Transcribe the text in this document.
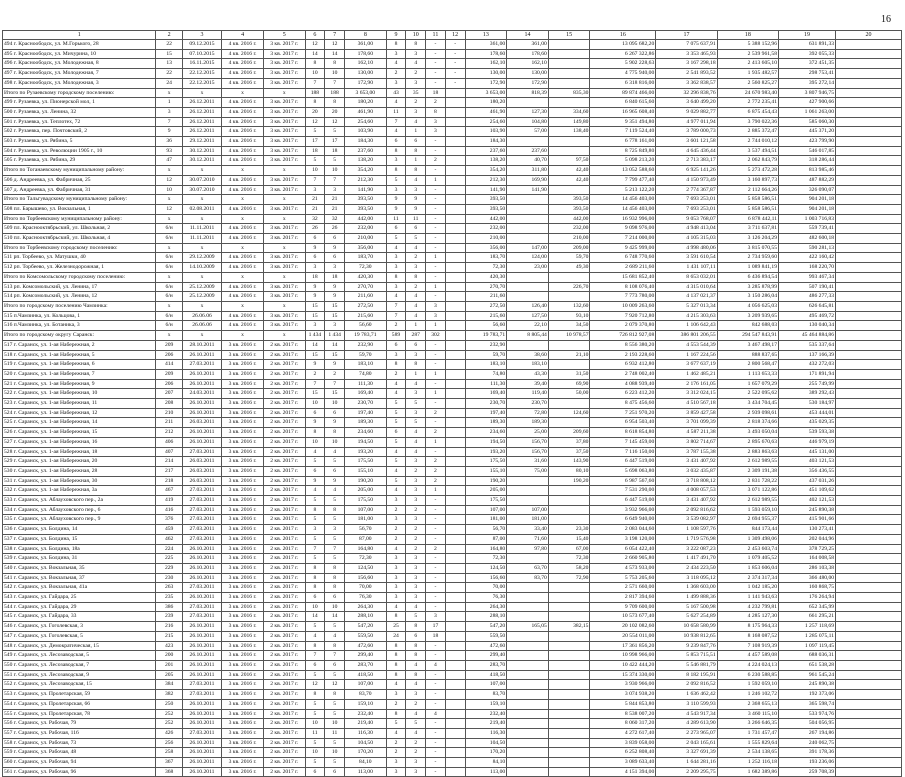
16
1	2	3	4	5	6	7	8	9	10	11	12	13	14	15	16	17	18	19	20
494 г. Красноободск, ул. М.Горького, 28	22	09.12.2015	4 кв. 2016 г.	3 кв. 2017 г.	12	12	361,00	8	8	-	-	361,00	361,00		13 095 682,20	7 075 637,91	5 388 152,96	631 891,33	
495 г. Красноободск, ул. Мичурина, 10	15	07.10.2015	4 кв. 2016 г.	3 кв. 2017 г.	14	14	178,60	3	3	-	-	178,60	178,60		6 267 322,86	3 353 465,93	2 539 961,58	392 055,33	
496 г. Красноободск, ул. Молодежная, 8	13	16.11.2015	4 кв. 2016 г.	3 кв. 2017 г.	8	8	162,10	4	4	-	-	162,10	162,10		5 902 228,63	3 167 298,18	2 413 605,10	372 451,35	
497 г. Красноободск, ул. Молодежная, 7	22	22.12.2015	4 кв. 2016 г.	3 кв. 2017 г.	10	10	130,00	2	2	-	-	130,00	130,00		4 775 940,00	2 541 893,52	1 935 482,57	298 753,41	
498 г. Красноободск, ул. Молодежная, 3	24	22.12.2015	4 кв. 2016 г.	3 кв. 2017 г.	7	7	172,90	3	3	-	-	172,90	172,90		6 318 816,00	3 362 838,57	2 560 825,27	395 272,14	
Итого по Рузаевскому городскому поселению:	x	x	x	x	188	188	3 653,00	43	35	18		3 653,00	818,39	835,30	89 874 466,00	32 296 838,76	24 670 983,40	3 807 946,75	
499 г. Рузаевка, ул. Пионерской мол, 1	1	26.12.2011	4 кв. 2016 г.	3 кв. 2017 г.	8	8	180,20	4	2	2		180,20			6 840 615,60	3 640 499,20	2 772 235,41	427 900,66	
500 г. Рузаевка, ул. Ленина, 32	3	26.12.2011	4 кв. 2016 г.	3 кв. 2017 г.	20	20	461,90	11	3	8		461,90	127,30	334,60	16 965 608,40	9 029 882,77	6 875 454,43	1 061 263,00	
501 г. Рузаевка, ул. Теплотех, 72	7	26.12.2011	4 кв. 2016 г.	3 кв. 2017 г.	12	12	254,60	7	4	3		254,60	104,80	149,80	9 351 494,80	4 977 011,94	3 790 022,36	585 060,30	
502 г. Рузаевка, пер. Почтовский, 2	9	26.12.2011	4 кв. 2016 г.	3 кв. 2017 г.	5	5	103,90	4	1	3		103,90	57,00	138,40	7 119 524,40	3 789 000,73	2 885 372,47	445 371,20	
503 г. Рузаевка, ул. Рябина, 5	36	29.12.2011	4 кв. 2016 г.	3 кв. 2017 г.	17	17	184,30	6	6	-		184,30			6 778 161,00	3 601 121,58	2 744 010,12	423 799,90	
504 г. Рузаевка, ул. Революции 1905 г., 10	93	30.12.2011	4 кв. 2016 г.	3 кв. 2017 г.	18	18	237,60	8	8	-		237,60	237,60		8 725 849,80	4 645 436,44	3 537 494,51	546 017,85	
505 г. Рузаевка, ул. Рябина, 29	47	30.12.2011	4 кв. 2016 г.	3 кв. 2017 г.	5	5	138,20	3	1	2		138,20	40,70	97,50	5 098 213,20	2 713 383,17	2 062 843,79	318 286,44	
Итого по Тоганаевскому муниципальному району:	x	x	x	x	10	10	354,20	8	8	-		354,20	311,80	42,40	13 052 588,60	6 925 141,26	5 273 472,28	813 985,46	
506 д. Андреевка, ул. Фабричная, 25	12	30.07.2010	4 кв. 2016 г.	3 кв. 2017 г.	7	7	212,30	5	4	1		212,30	169,90	42,40	7 799 477,40	4 150 973,49	3 160 897,73	487 882,29	
507 д. Андреевка, ул. Фабричная, 31	10	30.07.2010	4 кв. 2016 г.	3 кв. 2017 г.	3	3	141,90	3	3	-		141,90	141,90		5 213 122,20	2 774 367,87	2 112 664,26	326 090,07	
Итого по Тальгувадскому муниципальному району:	x	x	x	x	21	21	393,50	9	9	-		393,50		393,50	14 456 403,00	7 693 253,01	5 858 586,51	904 201,18	
508 пл. Барышево, ул. Вокзальная, 1	12	02.08.2011	4 кв. 2016 г.	3 кв. 2017 г.	21	21	393,50	9	9	-		393,50		393,50	14 456 403,00	7 693 253,01	5 858 586,51	904 201,18	
Итого по Торбеевскому муниципальному району:	x	x	x	x	32	32	442,00	11	11	-		442,00		442,00	16 932 996,00	9 053 768,07	6 878 442,11	1 003 716,83	
509 пл. Краснооктябрьский, ул. Школьная, 2	6/н	11.11.2011	4 кв. 2016 г.	3 кв. 2017 г.	26	26	232,00	6	6	-		232,00		232,00	9 098 976,00	4 948 413,04	3 711 637,81	559 739,41	
510 пл. Краснооктябрьский, ул. Школьная, 4	6/н	11.11.2011	4 кв. 2016 г.	3 кв. 2017 г.	6	6	210,00	5	5	-		210,00		210,00	7 214 000,00	4 105 315,03	3 126 204,29	482 600,18	
Итого по Торбеевскому городскому поселению:	x	x	x	x	9	9	356,00	4	4	-		356,00	147,00	209,00	9 425 999,00	4 998 480,06	3 815 070,55	590 281,13	
511 рп. Торбеево, ул. Матушки, 40	6/н	29.12.2009	4 кв. 2016 г.	3 кв. 2017 г.	6	6	183,70	3	2	1		183,70	124,00	59,70	6 748 770,60	3 591 610,54	2 734 959,60	422 160,42	
512 рп. Торбеево, ул. Железнодорожная, 1	6/н	14.10.2009	4 кв. 2016 г.	3 кв. 2017 г.	3	3	72,30	3	3	-		72,30	23,00	49,30	2 689 211,60	1 431 107,11	1 089 841,19	168 220,70	
Итого по Комсомольскому городскому поселению:	x	x	x	x	18	18	420,30	8	8	-		420,30			15 681 852,40	8 653 032,01	6 436 894,54	993 467,34	
513 рп. Комсомольский, ул. Ленина, 17	6/н	25.12.2009	4 кв. 2016 г.	3 кв. 2017 г.	9	9	270,70	3	2	1		270,70		226,70	8 108 076,40	4 315 010,64	3 285 878,99	507 190,41	
514 рп. Комсомольский, ул. Ленина, 12	6/н	25.12.2009	4 кв. 2016 г.	3 кв. 2017 г.	9	9	211,60	4	4	-		211,60			7 773 780,00	4 137 021,37	3 150 286,04	486 277,33	
Итого по городскому поселению Чамзинка:	x	x	x	x	15	15	272,50	7	4	3		272,50	126,40	132,60	10 009 263,60	5 327 013,34	4 056 625,03	626 645,81	
515 п.Чамзинка, ул. Кольцова, 1	6/н	26.06.06	4 кв. 2016 г.	3 кв. 2017 г.	15	15	215,60	7	4	3		215,60	127,50	93,10	7 920 712,80	4 215 303,63	3 209 939,65	495 469,72	
516 п.Чамзинка, ул. Ботаника, 3	6/н	26.06.06	4 кв. 2016 г.	3 кв. 2017 г.	3	3	56,60	2	1	1		56,60	22,10	34,50	2 079 370,80	1 106 642,43	842 688,03	130 040,34	
Итого по городскому округу Саранск:	x	x	x	x	1 434	1 434	19 783,71	589	287	302		19 783,71	8 805,44	10 978,57	726 812 927,08	386 801 206,55	294 547 843,91	45 464 884,86	
517 г. Саранск, ул. 1-ая Набережная, 2	209	28.10.2011	3 кв. 2016 г.	2 кв. 2017 г.	14	14	232,90	6	6	-		232,90			8 556 380,20	4 553 544,39	3 467 498,17	535 337,64	
518 г. Саранск, ул. 1-ая Набережная, 5	206	26.10.2011	3 кв. 2016 г.	2 кв. 2017 г.	15	15	59,70	3	3	-		59,70	38,60	21,10	2 193 228,60	1 167 224,56	888 837,65	137 166,39	
519 г. Саранск, ул. 1-ая Набережная, 6	414	27.03.2011	3 кв. 2016 г.	2 кв. 2017 г.	9	9	183,10	8	8	-		183,10	183,10		6 932 412,80	3 677 637,19	2 800 568,47	432 272,03	
520 г. Саранск, ул. 1-ая Набережная, 7	209	26.10.2011	3 кв. 2016 г.	2 кв. 2017 г.	2	2	74,80	2	1	1		74,80	43,30	31,50	2 748 002,40	1 462 485,21	1 113 653,33	171 891,94	
521 г. Саранск, ул. 1-ая Набережная, 9	206	26.10.2011	3 кв. 2016 г.	2 кв. 2017 г.	7	7	111,30	4	4	-		111,30	39,40	69,90	4 088 939,40	2 176 161,05	1 657 079,29	255 749,99	
522 г. Саранск, ул. 1-ая Набережная, 10	207	24.03.2011	3 кв. 2016 г.	2 кв. 2017 г.	15	15	169,40	4	3	1		169,40	119,40	50,00	6 223 412,20	3 312 024,15	2 522 095,62	389 292,43	
523 г. Саранск, ул. 1-ая Набережная, 11	208	26.10.2011	3 кв. 2016 г.	2 кв. 2017 г.	10	10	230,70	5	5	-		230,70	230,70		8 475 456,60	4 510 567,18	3 434 704,45	530 184,97	
524 г. Саранск, ул. 1-ая Набережная, 12	210	26.10.2011	3 кв. 2016 г.	2 кв. 2017 г.	6	6	197,40	5	3	2		197,40	72,80	124,60	7 251 970,20	3 859 427,58	2 939 098,61	453 444,01	
525 г. Саранск, ул. 1-ая Набережная, 14	211	26.03.2011	3 кв. 2016 г.	2 кв. 2017 г.	9	9	189,30	5	5	-		189,30	189,30		6 954 503,40	3 701 099,39	2 818 374,66	435 029,35	
526 г. Саранск, ул. 1-ая Набережная, 15	212	26.10.2011	3 кв. 2016 г.	2 кв. 2017 г.	8	8	234,60	6	4	2		234,60	25,00	209,60	8 618 854,80	4 587 211,38	3 493 050,04	539 593,38	
527 г. Саранск, ул. 1-ая Набережная, 16	406	26.10.2011	3 кв. 2016 г.	2 кв. 2017 г.	10	10	194,50	5	4	1		194,50	156,70	37,80	7 145 459,00	3 802 714,67	2 895 670,63	446 979,19	
528 г. Саранск, ул. 1-ая Набережная, 18	407	27.03.2011	3 кв. 2016 г.	2 кв. 2017 г.	4	4	193,20	4	4	-		193,20	156,70	37,50	7 116 150,00	3 787 155,38	2 883 863,63	445 131,00	
529 г. Саранск, ул. 1-ая Набережная, 20	214	26.03.2011	3 кв. 2016 г.	2 кв. 2017 г.	5	5	175,50	5	3	2		175,50	31,60	143,90	6 447 519,00	3 431 407,92	2 612 989,55	403 121,53	
530 г. Саранск, ул. 1-ая Набережная, 28	217	26.03.2011	3 кв. 2016 г.	2 кв. 2017 г.	6	6	155,10	4	2	2		155,10	75,00	80,10	5 698 063,80	3 032 435,87	2 309 191,38	356 436,55	
531 г. Саранск, ул. 1-ая Набережная, 30	218	26.03.2011	3 кв. 2016 г.	2 кв. 2017 г.	9	9	190,20	5	3	2		190,20		190,20	6 987 567,60	3 718 808,12	2 831 728,22	437 031,26	
532 г. Саранск, ул. 1-ая Набережная, 3а	467	27.03.2011	3 кв. 2016 г.	2 кв. 2017 г.	4	4	205,00	4	3	1		205,00			7 531 290,00	4 008 057,53	3 071 122,86	451 109,62	
533 г. Саранск, ул. Аблауховского пер., 2а	419	27.03.2011	3 кв. 2016 г.	2 кв. 2017 г.	5	5	175,50	3	3	-		175,50			6 447 519,00	3 431 407,92	2 612 989,55	402 121,53	
534 г. Саранск, ул. Аблауховского пер., 6	416	27.03.2011	3 кв. 2016 г.	2 кв. 2017 г.	8	8	107,00	2	2	-		107,00	107,00		3 932 966,00	2 092 816,62	1 593 059,10	245 890,38	
535 г. Саранск, ул. Аблауховского пер., 9	376	27.03.2011	3 кв. 2016 г.	2 кв. 2017 г.	5	5	181,00	3	3	-		181,00	181,00		6 649 940,00	3 539 082,97	2 694 955,37	415 901,66	
536 г. Саранск, ул. Болдина, 14	459	27.03.2011	3 кв. 2016 г.	2 кв. 2017 г.	3	3	56,70	2	2	-		56,70	33,40	23,30	2 083 044,60	1 108 597,76	844 173,44	130 273,41	
537 г. Саранск, ул. Болдина, 15	462	27.03.2011	3 кв. 2016 г.	2 кв. 2017 г.	5	5	87,00	2	2	-		87,00	71,60	15,40	3 198 120,00	1 719 576,98	1 309 498,06	202 044,96	
538 г. Саранск, ул. Болдина, 18а	224	26.10.2011	3 кв. 2016 г.	2 кв. 2017 г.	7	7	164,80	4	2	2		164,80	97,80	67,00	6 054 422,40	3 222 087,23	2 453 603,74	378 729,25	
539 г. Саранск, ул. Болдина, 31	225	26.10.2011	3 кв. 2016 г.	2 кв. 2017 г.	5	5	72,30	3	3	-		72,30		72,30	2 660 905,80	1 417 491,70	1 079 405,52	164 008,58	
540 г. Саранск, ул. Вокзальная, 35	229	26.10.2011	3 кв. 2016 г.	2 кв. 2017 г.	8	8	124,50	3	3	-		124,50	63,70	58,20	4 573 933,00	2 434 223,50	1 853 606,04	286 103,38	
541 г. Саранск, ул. Вокзальная, 37	230	26.10.2011	3 кв. 2016 г.	2 кв. 2017 г.	8	8	156,60	3	3	-		156,60	83,70	72,90	5 753 205,60	3 118 095,12	2 374 317,34	366 480,00	
542 г. Саранск, ул. Вокзальная, 41а	263	27.03.2011	3 кв. 2016 г.	2 кв. 2017 г.	8	8	70,00	3	3	-		70,00			2 571 660,00	1 368 603,00	1 042 185,20	160 868,75	
543 г. Саранск, ул. Гайдара, 25	235	26.10.2011	3 кв. 2016 г.	2 кв. 2017 г.	6	6	76,30	3	3	-		76,30			2 817 394,60	1 499 888,36	1 141 943,63	176 264,94	
544 г. Саранск, ул. Гайдара, 29	386	27.03.2011	3 кв. 2016 г.	2 кв. 2017 г.	10	10	264,30	4	4	-		264,30			9 709 600,00	5 167 500,98	4 232 799,81	652 345,99	
545 г. Саранск, ул. Гайдара, 33	239	27.03.2011	3 кв. 2016 г.	2 кв. 2017 г.	14	14	288,10	8	5	3		288,10			10 573 677,40	5 627 254,89	4 285 127,30	661 295,21	
546 г. Саранск, ул. Гоголевская, 3	216	26.10.2011	3 кв. 2016 г.	2 кв. 2017 г.	5	5	547,20	25	8	17		547,20	165,05	382,15	20 102 082,60	10 658 580,99	8 175 964,33	1 257 118,69	
547 г. Саранск, ул. Гоголевская, 5	215	26.10.2011	3 кв. 2016 г.	2 кв. 2017 г.	4	4	559,50	24	6	18		559,50			20 554 011,00	10 938 812,65	8 168 087,52	1 285 075,11	
548 г. Саранск, ул. Демократическая, 15	423	26.10.2011	3 кв. 2016 г.	2 кв. 2017 г.	8	8	472,60	8	8	-		472,60			17 361 856,20	9 239 847,76	7 108 919,39	1 097 119,45	
549 г. Саранск, ул. Лесозаводская, 5	200	26.10.2011	3 кв. 2016 г.	2 кв. 2017 г.	7	7	299,40	8	8	-		299,40			10 998 966,00	5 853 715,51	4 457 589,08	688 036,31	
550 г. Саранск, ул. Лесозаводская, 7	201	26.10.2011	3 кв. 2016 г.	2 кв. 2017 г.	6	6	283,70	8	4	4		283,70			10 422 444,20	5 546 881,79	4 224 024,13	651 538,28	
551 г. Саранск, ул. Лесозаводская, 9	205	26.10.2011	3 кв. 2016 г.	2 кв. 2017 г.	5	5	418,50	8	8	-		418,50			15 374 330,00	8 182 195,91	6 230 588,85	961 545,24	
552 г. Саранск, ул. Лесозаводская, 15	384	27.03.2011	3 кв. 2016 г.	2 кв. 2017 г.	12	12	107,00	4	4	-		107,00			3 930 966,00	2 092 816,52	1 592 059,10	245 890,38	
553 г. Саранск, ул. Пролетарская, 59	382	27.03.2011	3 кв. 2016 г.	2 кв. 2017 г.	8	8	83,70	3	3	-		83,70			3 074 938,20	1 636 462,42	1 246 102,72	192 373,06	
554 г. Саранск, ул. Пролетарская, 66	250	26.10.2011	3 кв. 2016 г.	2 кв. 2017 г.	5	5	159,10	2	2	-		159,10			5 844 853,80	3 110 599,93	2 368 655,13	365 598,74	
555 г. Саранск, ул. Пролетарская, 78	252	26.10.2011	3 кв. 2016 г.	2 кв. 2017 г.	5	5	232,40	8	4	4		232,40			8 538 007,20	4 543 917,34	3 460 115,10	533 974,76	
556 г. Саранск, ул. Рабочая, 79	252	26.10.2011	3 кв. 2016 г.	2 кв. 2017 г.	10	10	219,40	5	5	-		219,40			8 060 317,20	4 289 613,90	3 266 646,35	504 056,95	
557 г. Саранск, ул. Рабочая, 116	426	27.03.2011	3 кв. 2016 г.	2 кв. 2017 г.	11	11	116,30	4	4	-		116,30			4 272 617,40	2 273 965,07	1 731 457,47	267 194,86	
558 г. Саранск, ул. Рабочая, 73	256	26.10.2011	3 кв. 2016 г.	2 кв. 2017 г.	5	5	104,50	2	2	-		104,50			3 839 058,00	2 043 165,61	1 555 829,64	240 062,75	
559 г. Саранск, ул. Рабочая, 48	258	26.10.2011	3 кв. 2016 г.	2 кв. 2017 г.	10	10	170,20	2	2	-		170,20			6 252 808,40	3 327 691,39	2 534 138,65	391 178,36	
560 г. Саранск, ул. Рабочая, 94	367	26.10.2011	3 кв. 2016 г.	2 кв. 2017 г.	5	5	84,10	3	3	-		84,10			3 089 633,40	1 644 281,16	1 252 116,18	193 236,06	
561 г. Саранск, ул. Рабочая, 96	368	26.10.2011	3 кв. 2016 г.	2 кв. 2017 г.	6	6	113,00	3	3	-		113,00			4 151 394,00	2 209 295,75	1 682 389,86	259 708,39	
